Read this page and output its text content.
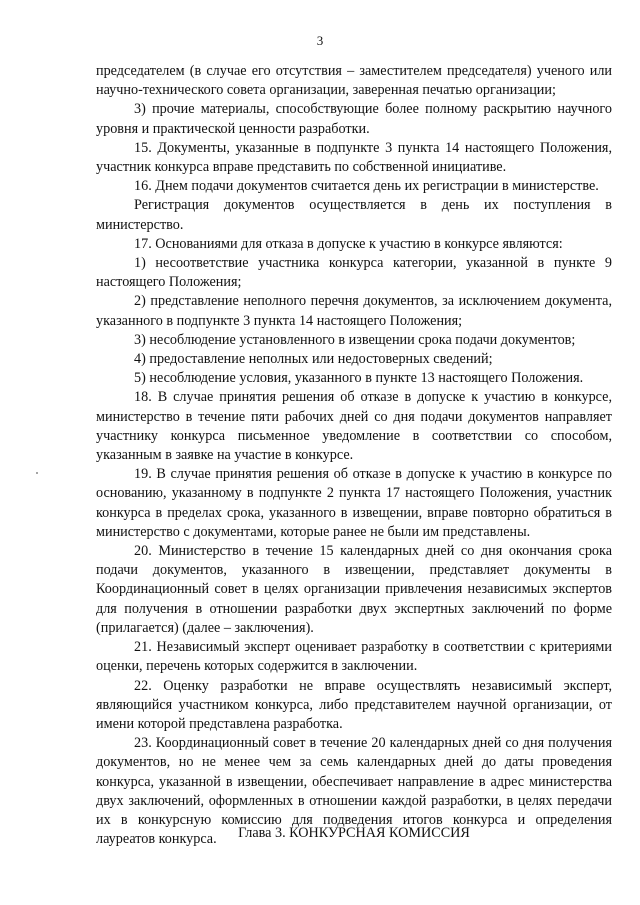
3

председателем (в случае его отсутствия – заместителем председателя) ученого или научно-технического совета организации, заверенная печатью организации;

3) прочие материалы, способствующие более полному раскрытию научного уровня и практической ценности разработки.

15. Документы, указанные в подпункте 3 пункта 14 настоящего Положения, участник конкурса вправе представить по собственной инициативе.

16. Днем подачи документов считается день их регистрации в министерстве.

Регистрация документов осуществляется в день их поступления в министерство.

17. Основаниями для отказа в допуске к участию в конкурсе являются:

1) несоответствие участника конкурса категории, указанной в пункте 9 настоящего Положения;

2) представление неполного перечня документов, за исключением документа, указанного в подпункте 3 пункта 14 настоящего Положения;

3) несоблюдение установленного в извещении срока подачи документов;

4) предоставление неполных или недостоверных сведений;

5) несоблюдение условия, указанного в пункте 13 настоящего Положения.

18. В случае принятия решения об отказе в допуске к участию в конкурсе, министерство в течение пяти рабочих дней со дня подачи документов направляет участнику конкурса письменное уведомление в соответствии со способом, указанным в заявке на участие в конкурсе.

19. В случае принятия решения об отказе в допуске к участию в конкурсе по основанию, указанному в подпункте 2 пункта 17 настоящего Положения, участник конкурса в пределах срока, указанного в извещении, вправе повторно обратиться в министерство с документами, которые ранее не были им представлены.

20. Министерство в течение 15 календарных дней со дня окончания срока подачи документов, указанного в извещении, представляет документы в Координационный совет в целях организации привлечения независимых экспертов для получения в отношении разработки двух экспертных заключений по форме (прилагается) (далее – заключения).

21. Независимый эксперт оценивает разработку в соответствии с критериями оценки, перечень которых содержится в заключении.

22. Оценку разработки не вправе осуществлять независимый эксперт, являющийся участником конкурса, либо представителем научной организации, от имени которой представлена разработка.

23. Координационный совет в течение 20 календарных дней со дня получения документов, но не менее чем за семь календарных дней до даты проведения конкурса, указанной в извещении, обеспечивает направление в адрес министерства двух заключений, оформленных в отношении каждой разработки, в целях передачи их в конкурсную комиссию для подведения итогов конкурса и определения лауреатов конкурса.	Глава 3. КОНКУРСНАЯ КОМИССИЯ
